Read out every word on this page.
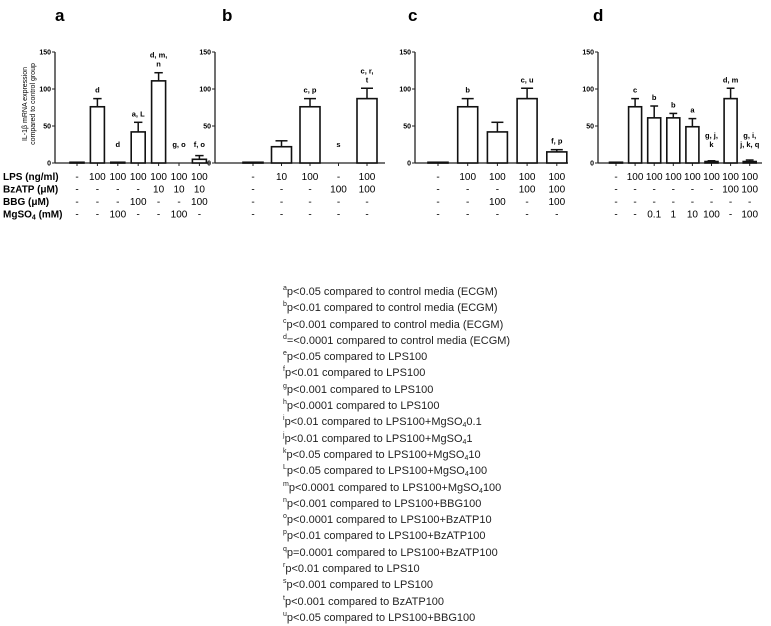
a
0
50
100
150
-
-
-
-
d
100
-
-
-
d
100
-
-
100
a, L
100
-
100
-
d, m,
n
100
10
-
-
g, o
100
10
-
100
f, o
100
10
100
-
b
0
50
100
150
-
-
-
-
10
-
-
-
c, p
100
-
-
-
s
-
100
-
-
c, r,
t
100
100
-
-
c
0
50
100
150
-
-
-
-
b
100
-
-
-
100
-
100
-
c, u
100
100
-
-
f, p
100
100
100
-
d
0
50
100
150
-
-
-
-
c
100
-
-
-
b
100
-
-
0.1
b
100
-
-
1
a
100
-
-
10
g, j,
k
100
-
-
100
d, m
100
100
-
-
g, i,
j, k, q
100
100
-
100
IL-1β mRNA expression compared to control group
LPS (ng/ml)
BzATP (μM)
BBG (μM)
MgSO$_4$ (mM)
$^a$p<0.05 compared to control media (ECGM)
$^b$p<0.01 compared to control media (ECGM)
$^c$p<0.001 compared to control media (ECGM)
$^d$=<0.0001 compared to control media (ECGM)
$^e$p<0.05 compared to LPS100
$^f$p<0.01 compared to LPS100
$^g$p<0.001 compared to LPS100
$^h$p<0.0001 compared to LPS100
$^i$p<0.01 compared to LPS100+MgSO$_4$0.1
$^j$p<0.01 compared to LPS100+MgSO$_4$1
$^k$p<0.05 compared to LPS100+MgSO$_4$10
$^L$p<0.05 compared to LPS100+MgSO$_4$100
$^m$p<0.0001 compared to LPS100+MgSO$_4$100
$^n$p<0.001 compared to LPS100+BBG100
$^o$p<0.0001 compared to LPS100+BzATP10
$^p$p<0.01 compared to LPS100+BzATP100
$^q$p=0.0001 compared to LPS100+BzATP100
$^r$p<0.01 compared to LPS10
$^s$p<0.001 compared to LPS100
$^t$p<0.001 compared to BzATP100
$^u$p<0.05 compared to LPS100+BBG100
